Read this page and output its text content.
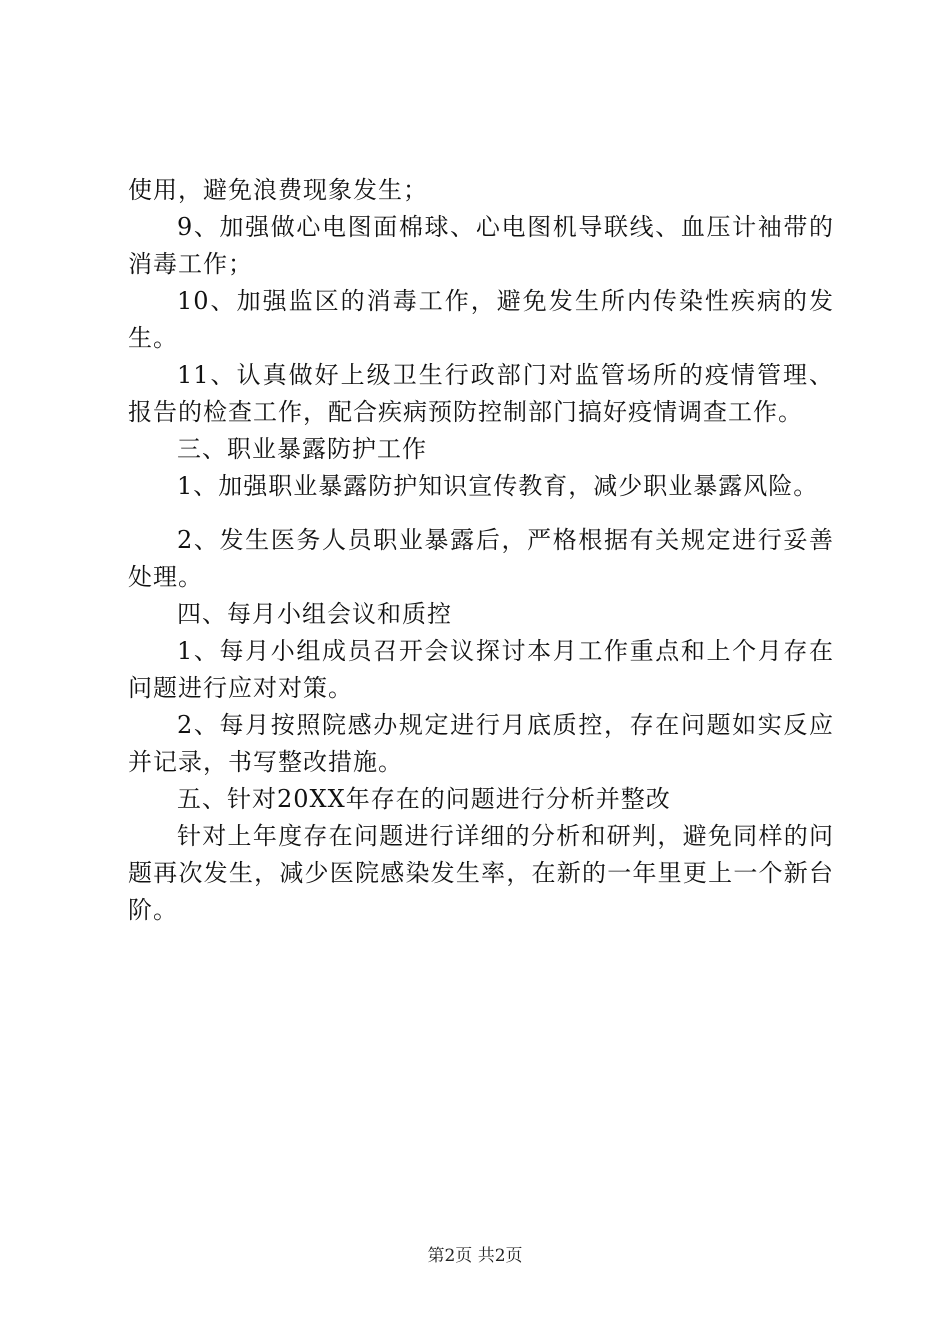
使用，避免浪费现象发生；

9、加强做心电图面棉球、心电图机导联线、血压计袖带的消毒工作；

10、加强监区的消毒工作，避免发生所内传染性疾病的发生。

11、认真做好上级卫生行政部门对监管场所的疫情管理、报告的检查工作，配合疾病预防控制部门搞好疫情调查工作。

三、职业暴露防护工作

1、加强职业暴露防护知识宣传教育，减少职业暴露风险。

2、发生医务人员职业暴露后，严格根据有关规定进行妥善处理。

四、每月小组会议和质控

1、每月小组成员召开会议探讨本月工作重点和上个月存在问题进行应对对策。

2、每月按照院感办规定进行月底质控，存在问题如实反应并记录，书写整改措施。

五、针对20XX年存在的问题进行分析并整改

针对上年度存在问题进行详细的分析和研判，避免同样的问题再次发生，减少医院感染发生率，在新的一年里更上一个新台阶。

第2页 共2页
